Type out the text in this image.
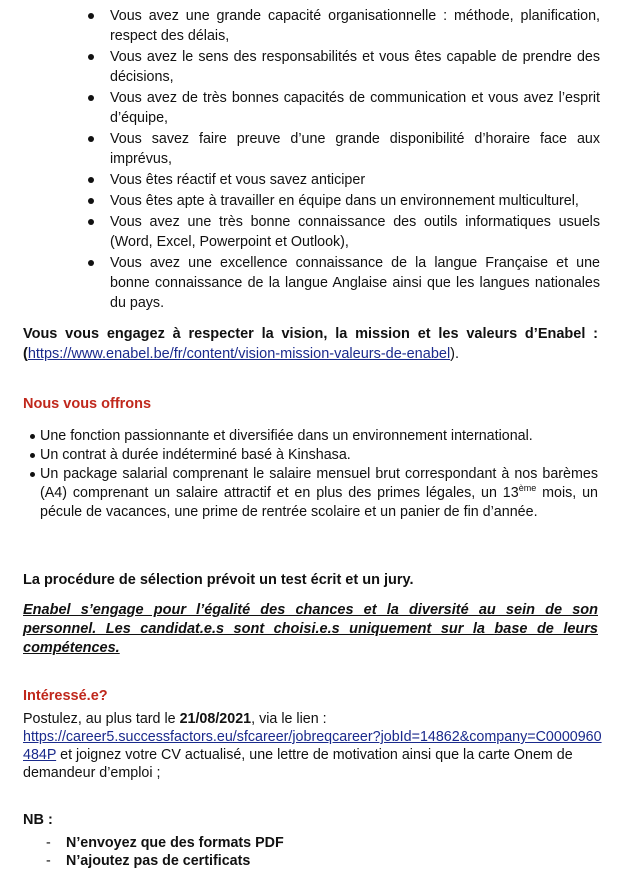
Vous avez une grande capacité organisationnelle : méthode, planification, respect des délais,
Vous avez le sens des responsabilités et vous êtes capable de prendre des décisions,
Vous avez de très bonnes capacités de communication et vous avez l’esprit d’équipe,
Vous savez faire preuve d’une grande disponibilité d’horaire face aux imprévus,
Vous êtes réactif et vous savez anticiper
Vous êtes apte à travailler en équipe dans un environnement multiculturel,
Vous avez une très bonne connaissance des outils informatiques usuels (Word, Excel, Powerpoint et Outlook),
Vous avez une excellence connaissance de la langue Française et une bonne connaissance de la langue Anglaise ainsi que les langues nationales du pays.
Vous vous engagez à respecter la vision, la mission et les valeurs d’Enabel :(https://www.enabel.be/fr/content/vision-mission-valeurs-de-enabel).
Nous vous offrons
Une fonction passionnante et diversifiée dans un environnement international.
Un contrat à durée indéterminé basé à Kinshasa.
Un package salarial comprenant le salaire mensuel brut correspondant à nos barèmes (A4) comprenant un salaire attractif et en plus des primes légales, un 13ème mois, un pécule de vacances, une prime de rentrée scolaire et un panier de fin d’année.
La procédure de sélection prévoit un test écrit et un jury.
Enabel s’engage pour l’égalité des chances et la diversité au sein de son personnel. Les candidat.e.s sont choisi.e.s uniquement sur la base de leurs compétences.
Intéressé.e?
Postulez, au plus tard le 21/08/2021, via le lien :
https://career5.successfactors.eu/sfcareer/jobreqcareer?jobId=14862&company=C0000960484P et joignez votre CV actualisé, une lettre de motivation ainsi que la carte Onem de demandeur d’emploi ;
NB :
- N’envoyez que des formats PDF
- N’ajoutez pas de certificats
